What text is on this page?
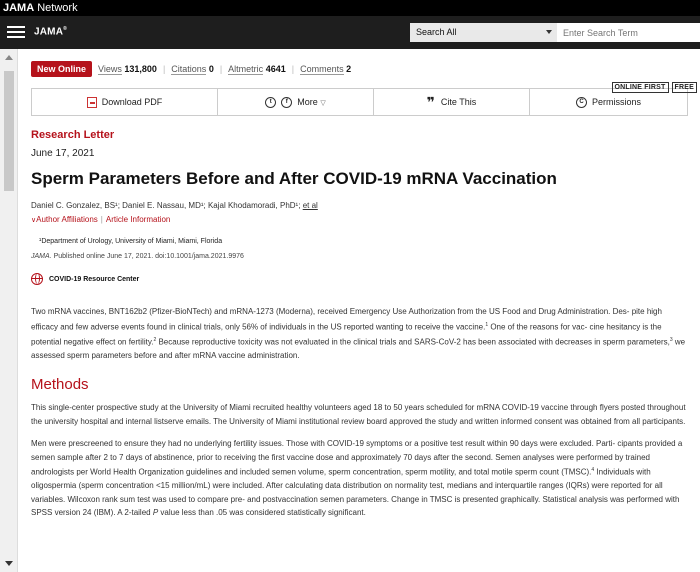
JAMA Network
JAMA®	Search All
Enter Search Term
New Online	Views 131,800 | Citations 0 | Altmetric 4641 | Comments 2
Download PDF	t	f	More ▽	❞ Cite This	C Permissions
Research Letter
June 17, 2021
Sperm Parameters Before and After COVID-19 mRNA Vaccination
Daniel C. Gonzalez, BS¹; Daniel E. Nassau, MD¹; Kajal Khodamoradi, PhD¹; et al
∨Author Affiliations | Article Information
¹Department of Urology, University of Miami, Miami, Florida
JAMA. Published online June 17, 2021. doi:10.1001/jama.2021.9976
COVID-19 Resource Center

Two mRNA vaccines, BNT162b2 (Pfizer-BioNTech) and mRNA-1273 (Moderna), received Emergency Use Authorization from the US Food and Drug Administration. Des- pite high efficacy and few adverse events found in clinical trials, only 56% of individuals in the US reported wanting to receive the vaccine.$^1$ One of the reasons for vac- cine hesitancy is the potential negative effect on fertility.$^2$ Because reproductive toxicity was not evaluated in the clinical trials and SARS-CoV-2 has been associated with decreases in sperm parameters,$^3$ we assessed sperm parameters before and after mRNA vaccine administration.

Methods

This single-center prospective study at the University of Miami recruited healthy volunteers aged 18 to 50 years scheduled for mRNA COVID-19 vaccine through flyers posted throughout the university hospital and internal listserve emails. The University of Miami institutional review board approved the study and written informed consent was obtained from all participants.

Men were prescreened to ensure they had no underlying fertility issues. Those with COVID-19 symptoms or a positive test result within 90 days were excluded. Parti- cipants provided a semen sample after 2 to 7 days of abstinence, prior to receiving the first vaccine dose and approximately 70 days after the second. Semen analyses were performed by trained andrologists per World Health Organization guidelines and included semen volume, sperm concentration, sperm motility, and total motile sperm count (TMSC).$^4$ Individuals with oligospermia (sperm concentration <15 million/mL) were included. After calculating data distribution on normality test, medians and interquartile ranges (IQRs) were reported for all variables. Wilcoxon rank sum test was used to compare pre- and postvaccination semen parameters. Change in TMSC is presented graphically. Statistical analysis was performed with SPSS version 24 (IBM). A 2-tailed P value less than .05 was considered statistically significant.

ONLINE FIRST	FREE
